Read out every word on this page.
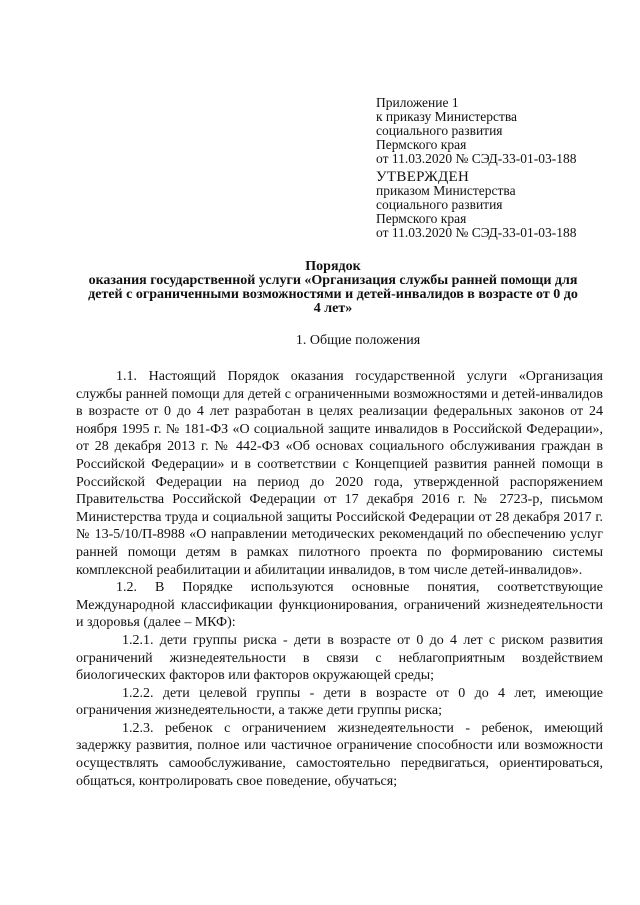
Приложение 1
к приказу Министерства
социального развития
Пермского края
от 11.03.2020 № СЭД-33-01-03-188
УТВЕРЖДЕН
приказом Министерства
социального развития
Пермского края
от 11.03.2020 № СЭД-33-01-03-188
Порядок
оказания государственной услуги «Организация службы ранней помощи для
детей с ограниченными возможностями и детей-инвалидов в возрасте от 0 до
4 лет»
1. Общие положения

1.1. Настоящий Порядок оказания государственной услуги «Организация службы ранней помощи для детей с ограниченными возможностями и детей-инвалидов в возрасте от 0 до 4 лет разработан в целях реализации федеральных законов от 24 ноября 1995 г. № 181-ФЗ «О социальной защите инвалидов в Российской Федерации», от 28 декабря 2013 г. № 442-ФЗ «Об основах социального обслуживания граждан в Российской Федерации» и в соответствии с Концепцией развития ранней помощи в Российской Федерации на период до 2020 года, утвержденной распоряжением Правительства Российской Федерации от 17 декабря 2016 г. № 2723-р, письмом Министерства труда и социальной защиты Российской Федерации от 28 декабря 2017 г. № 13-5/10/П-8988 «О направлении методических рекомендаций по обеспечению услуг ранней помощи детям в рамках пилотного проекта по формированию системы комплексной реабилитации и абилитации инвалидов, в том числе детей-инвалидов».

1.2. В Порядке используются основные понятия, соответствующие Международной классификации функционирования, ограничений жизнедеятельности и здоровья (далее – МКФ):

1.2.1. дети группы риска - дети в возрасте от 0 до 4 лет с риском развития ограничений жизнедеятельности в связи с неблагоприятным воздействием биологических факторов или факторов окружающей среды;

1.2.2. дети целевой группы - дети в возрасте от 0 до 4 лет, имеющие ограничения жизнедеятельности, а также дети группы риска;

1.2.3. ребенок с ограничением жизнедеятельности - ребенок, имеющий задержку развития, полное или частичное ограничение способности или возможности осуществлять самообслуживание, самостоятельно передвигаться, ориентироваться, общаться, контролировать свое поведение, обучаться;
